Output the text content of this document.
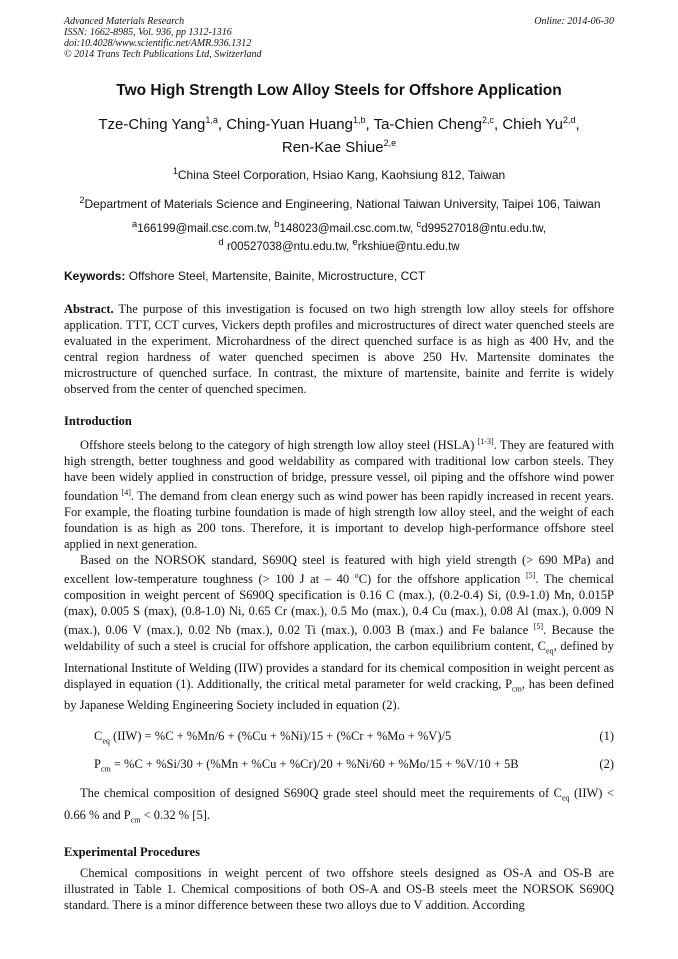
Advanced Materials Research
ISSN: 1662-8985, Vol. 936, pp 1312-1316
doi:10.4028/www.scientific.net/AMR.936.1312
© 2014 Trans Tech Publications Ltd, Switzerland
Online: 2014-06-30
Two High Strength Low Alloy Steels for Offshore Application
Tze-Ching Yang$^{1,a}$, Ching-Yuan Huang$^{1,b}$, Ta-Chien Cheng$^{2,c}$, Chieh Yu$^{2,d}$,
Ren-Kae Shiue$^{2,e}$
$^1$China Steel Corporation, Hsiao Kang, Kaohsiung 812, Taiwan
$^2$Department of Materials Science and Engineering, National Taiwan University, Taipei 106, Taiwan
$^a$166199@mail.csc.com.tw, $^b$148023@mail.csc.com.tw, $^c$d99527018@ntu.edu.tw,
$^d$ r00527038@ntu.edu.tw, $^e$rkshiue@ntu.edu.tw
Keywords: Offshore Steel, Martensite, Bainite, Microstructure, CCT

Abstract. The purpose of this investigation is focused on two high strength low alloy steels for offshore application. TTT, CCT curves, Vickers depth profiles and microstructures of direct water quenched steels are evaluated in the experiment. Microhardness of the direct quenched surface is as high as 400 Hv, and the central region hardness of water quenched specimen is above 250 Hv. Martensite dominates the microstructure of quenched surface. In contrast, the mixture of martensite, bainite and ferrite is widely observed from the center of quenched specimen.

Introduction

Offshore steels belong to the category of high strength low alloy steel (HSLA) [1-3]. They are featured with high strength, better toughness and good weldability as compared with traditional low carbon steels. They have been widely applied in construction of bridge, pressure vessel, oil piping and the offshore wind power foundation [4]. The demand from clean energy such as wind power has been rapidly increased in recent years. For example, the floating turbine foundation is made of high strength low alloy steel, and the weight of each foundation is as high as 200 tons. Therefore, it is important to develop high-performance offshore steel applied in next generation.

Based on the NORSOK standard, S690Q steel is featured with high yield strength (> 690 MPa) and excellent low-temperature toughness (> 100 J at – 40 $^o$C) for the offshore application [5]. The chemical composition in weight percent of S690Q specification is 0.16 C (max.), (0.2-0.4) Si, (0.9-1.0) Mn, 0.015P (max), 0.005 S (max), (0.8-1.0) Ni, 0.65 Cr (max.), 0.5 Mo (max.), 0.4 Cu (max.), 0.08 Al (max.), 0.009 N (max.), 0.06 V (max.), 0.02 Nb (max.), 0.02 Ti (max.), 0.003 B (max.) and Fe balance [5]. Because the weldability of such a steel is crucial for offshore application, the carbon equilibrium content, $C_{eq}$, defined by International Institute of Welding (IIW) provides a standard for its chemical composition in weight percent as displayed in equation (1). Additionally, the critical metal parameter for weld cracking, $P_{cm}$, has been defined by Japanese Welding Engineering Society included in equation (2).

$C_{eq}$ (IIW) = %C + %Mn/6 + (%Cu + %Ni)/15 + (%Cr + %Mo + %V)/5	(1)
$P_{cm} = \%C + \%Si/30 + (\%Mn + \%Cu + \%Cr)/20 + \%Ni/60 + \%Mo/15 + \%V/10 + 5B$	(2)

The chemical composition of designed S690Q grade steel should meet the requirements of $C_{eq}$ (IIW) < 0.66 % and $P_{cm} < 0.32$ % [5].

Experimental Procedures

Chemical compositions in weight percent of two offshore steels designed as OS-A and OS-B are illustrated in Table 1. Chemical compositions of both OS-A and OS-B steels meet the NORSOK S690Q standard. There is a minor difference between these two alloys due to V addition. According
